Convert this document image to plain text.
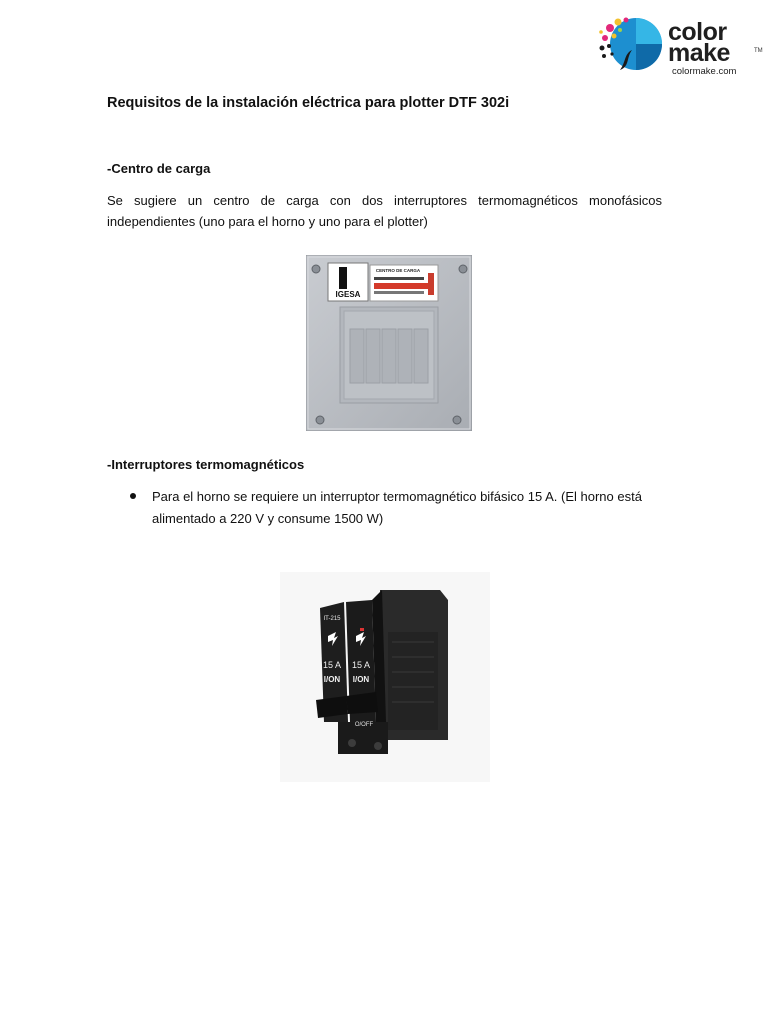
color
make	TM
colormake.com
Requisitos de la instalación eléctrica para plotter DTF 302i
-Centro de carga

Se sugiere un centro de carga con dos interruptores termomagnéticos monofásicos independientes (uno para el horno y uno para el plotter)

IGESA
CENTRO DE CARGA
-Interruptores termomagnéticos
Para el horno se requiere un interruptor termomagnético bifásico 15 A. (El horno está alimentado a 220 V y consume 1500 W)
IT-215
15 A 15 A
I/ON I/ON
O/OFF
